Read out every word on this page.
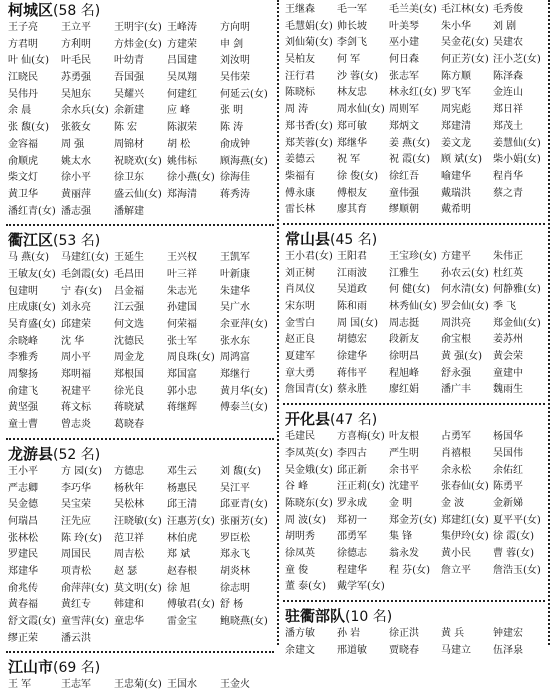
柯城区(58 名)
王子亮	王立平	王明宇(女) 王峰涛	方向明
方君明	方利明	方炜金(女) 方建荣	申 剑
叶 仙(女)	叶毛民	叶幼青	吕国建	刘汝明
江晓民	苏勇强	吾国强	吴凤翔	吴伟荣
吴伟丹	吴旭东	吴耀兴	何建红	何延云(女)
余 晨	余水兵(女) 余新建	应 峰	张 明
张 馥(女)	张筱女	陈 宏	陈淑荣	陈 涛
金容福	周 强	周锦材	胡 松	俞成钟
俞顺虎	姚太水	祝晓欢(女) 姚伟标	顾海燕(女)
柴文灯	徐小平	徐卫东	徐小燕(女) 徐海佳
黄卫华	黄丽萍	盛云仙(女) 郑海清	蒋秀涛
潘红青(女) 潘志强	潘解建
衢江区(53 名)
马 燕(女)	马建红(女) 王延生	王兴权	王凯军
王敏友(女) 毛剑霞(女) 毛昌田	叶三祥	叶新康
包建明	宁 春(女)	吕金福	朱志光	朱建华
庄成康(女) 刘永亮	江云强	孙建国	吴广水
吴育盛(女) 邱建荣	何文选	何荣福	余亚萍(女)
余晓峰	沈 华	沈德民	张士军	张水东
李雅秀	周小平	周金龙	周良珠(女) 周鸿富
周黎扬	郑明福	郑根国	郑国富	郑继行
俞建飞	祝建平	徐光良	郭小忠	黄月华(女)
黄坚强	蒋文标	蒋晓斌	蒋继辉	傅泰兰(女)
童士曹	曾志炎	葛晓春
龙游县(52 名)
王小平	方 园(女)	方德忠	邓生云	刘 馥(女)
严志卿	李巧华	杨秋年	杨惠民	吴江平
吴金德	吴宝荣	吴松林	邱王清	邱亚青(女)
何瑞昌	汪先应	汪晓敏(女) 汪惠芳(女) 张丽芳(女)
张林松	陈 玲(女)	范卫祥	林伯虎	罗臣松
罗建民	周国民	周吉松	郑 斌	郑永飞
郑建华	项青松	赵 瑟	赵春根	胡炎林
俞兆传	俞萍萍(女) 莫文明(女) 徐 旭	徐志明
黄春福	黄红专	韩建和	傅敏君(女) 舒 杨
舒文霞(女) 童雪萍(女) 童忠华	雷金宝	鲍晓燕(女)
缪正荣	潘云洪
江山市(69 名)
王 军	王志军	王忠菊(女) 王国水	王金火
王继森	毛一军	毛兰美(女) 毛江林(女) 毛秀俊
毛慧娟(女) 帅长坡	叶美琴	朱小华	刘 剧
刘仙菊(女) 李剑飞	巫小建	吴金花(女) 吴建农
吴柏友	何 军	何日森	何正芳(女) 汪小芝(女)
汪行君	沙 蓉(女)	张志军	陈方顺	陈泽森
陈晓标	林友忠	林永红(女) 罗飞军	金连山
周 涛	周水仙(女) 周则军	周宪彪	郑日祥
郑书香(女) 郑可敏	郑炳文	郑建清	郑茂土
郑芙蓉(女) 郑继华	姜 燕(女)	姜文龙	姜慧仙(女)
姜德云	祝 军	祝 霞(女)	顾 斌(女)	柴小娟(女)
柴福有	徐 俊(女)	徐红吾	喻建华	程肖华
傅永康	傅根友	童伟强	戴瑞洪	蔡之青
雷长林	廖其育	缪顺朝	戴希明
常山县(45 名)
王小君(女) 王阳君	王宝珍(女) 方建平	朱伟正
刘正树	江雨波	江雅生	孙农云(女) 杜红英
肖凤仪	吴道政	何 健(女)	何水清(女) 何静雅(女)
宋东明	陈和雨	林秀仙(女) 罗会仙(女) 季 飞
金雪白	周 国(女)	周志挺	周洪亮	郑金仙(女)
赵正良	胡德宏	段新友	俞宝根	姜苏州
夏建军	徐建华	徐明昌	黄 强(女)	黄会荣
章大勇	蒋伟平	程旭峰	舒永强	童建中
詹国青(女) 蔡永胜	廖红娟	潘广丰	魏雨生
开化县(47 名)
毛建民	方喜梅(女) 叶友根	占勇军	杨国华
李凤英(女) 李四古	严生明	肖禧根	吴国伟
吴金娥(女) 邱正新	余书平	余永松	余佑红
谷 峰	汪正莉(女) 沈建平	张春仙(女) 陈勇平
陈晓东(女) 罗永成	金 明	金 波	金新娣
周 波(女)	郑初一	郑金芳(女) 郑建红(女) 夏平平(女)
胡明秀	邵勇军	集 锋	集伊玲(女) 徐 霞(女)
徐凤英	徐德志	翁永发	黄小民	曹 蓉(女)
童 俊	程建华	程 芬(女)	詹立平	詹浩玉(女)
董 泰(女)	戴学军(女)
驻衢部队(10 名)
潘方敏	孙 岩	徐正洪	黄 兵	钟建宏
余建文	邢道敏	贾晓春	马建立	伍泽泉
